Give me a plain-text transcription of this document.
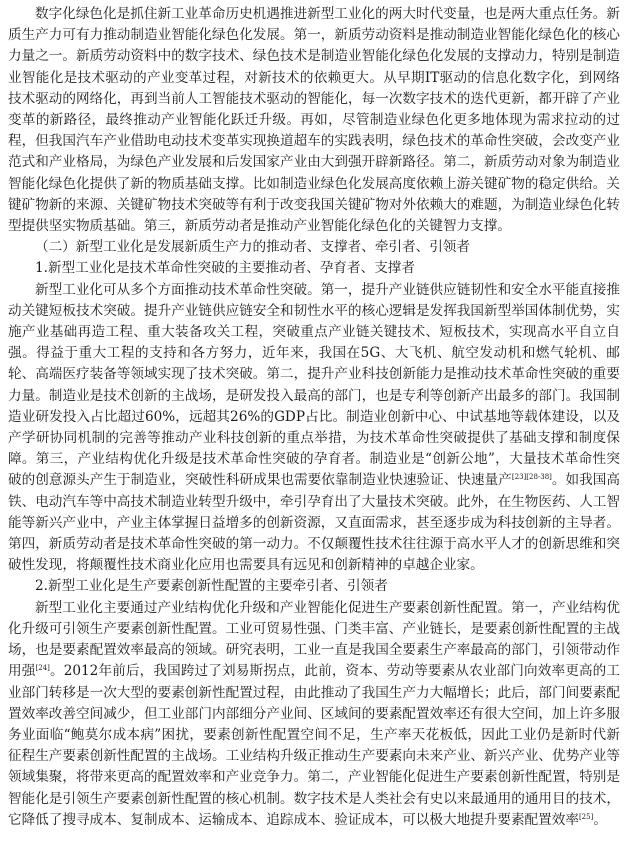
数字化绿色化是抓住新工业革命历史机遇推进新型工业化的两大时代变量，也是两大重点任务。新质生产力可有力推动制造业智能化绿色化发展。第一，新质劳动资料是推动制造业智能化绿色化的核心力量之一。新质劳动资料中的数字技术、绿色技术是制造业智能化绿色化发展的支撑动力，特别是制造业智能化是技术驱动的产业变革过程，对新技术的依赖更大。从早期IT驱动的信息化数字化，到网络技术驱动的网络化，再到当前人工智能技术驱动的智能化，每一次数字技术的迭代更新，都开辟了产业变革的新路径，最终推动产业智能化跃迁升级。再如，尽管制造业绿色化更多地体现为需求拉动的过程，但我国汽车产业借助电动技术变革实现换道超车的实践表明，绿色技术的革命性突破，会改变产业范式和产业格局，为绿色产业发展和后发国家产业由大到强开辟新路径。第二，新质劳动对象为制造业智能化绿色化提供了新的物质基础支撑。比如制造业绿色化发展高度依赖上游关键矿物的稳定供给。关键矿物新的来源、关键矿物技术突破等有利于改变我国关键矿物对外依赖大的难题，为制造业绿色化转型提供坚实物质基础。第三，新质劳动者是推动产业智能化绿色化的关键智力支撑。

（二）新型工业化是发展新质生产力的推动者、支撑者、牵引者、引领者

1.新型工业化是技术革命性突破的主要推动者、孕育者、支撑者

新型工业化可从多个方面推动技术革命性突破。第一，提升产业链供应链韧性和安全水平能直接推动关键短板技术突破。提升产业链供应链安全和韧性水平的核心逻辑是发挥我国新型举国体制优势，实施产业基础再造工程、重大装备攻关工程，突破重点产业链关键技术、短板技术，实现高水平自立自强。得益于重大工程的支持和各方努力，近年来，我国在5G、大飞机、航空发动机和燃气轮机、邮轮、高端医疗装备等领域实现了技术突破。第二，提升产业科技创新能力是推动技术革命性突破的重要力量。制造业是技术创新的主战场，是研发投入最高的部门，也是专利等创新产出最多的部门。我国制造业研发投入占比超过60%，远超其26%的GDP占比。制造业创新中心、中试基地等载体建设，以及产学研协同机制的完善等推动产业科技创新的重点举措，为技术革命性突破提供了基础支撑和制度保障。第三，产业结构优化升级是技术革命性突破的孕育者。制造业是“创新公地”，大量技术革命性突破的创意源头产生于制造业，突破性科研成果也需要依靠制造业快速验证、快速量产[23][28-38]。如我国高铁、电动汽车等中高技术制造业转型升级中，牵引孕育出了大量技术突破。此外，在生物医药、人工智能等新兴产业中，产业主体掌握日益增多的创新资源，又直面需求，甚至逐步成为科技创新的主导者。第四，新质劳动者是技术革命性突破的第一动力。不仅颠覆性技术往往源于高水平人才的创新思维和突破性发现，将颠覆性技术商业化应用也需要具有远见和创新精神的卓越企业家。

2.新型工业化是生产要素创新性配置的主要牵引者、引领者

新型工业化主要通过产业结构优化升级和产业智能化促进生产要素创新性配置。第一，产业结构优化升级可引领生产要素创新性配置。工业可贸易性强、门类丰富、产业链长，是要素创新性配置的主战场，也是要素配置效率最高的领域。研究表明，工业一直是我国全要素生产率最高的部门，引领带动作用强[24]。2012年前后，我国跨过了刘易斯拐点，此前，资本、劳动等要素从农业部门向效率更高的工业部门转移是一次大型的要素创新性配置过程，由此推动了我国生产力大幅增长；此后，部门间要素配置效率改善空间减少，但工业部门内部细分产业间、区域间的要素配置效率还有很大空间，加上许多服务业面临“鲍莫尔成本病”困扰，要素创新性配置空间不足，生产率天花板低，因此工业仍是新时代新征程生产要素创新性配置的主战场。工业结构升级正推动生产要素向未来产业、新兴产业、优势产业等领域集聚，将带来更高的配置效率和产业竞争力。第二，产业智能化促进生产要素创新性配置，特别是智能化是引领生产要素创新性配置的核心机制。数字技术是人类社会有史以来最通用的通用目的技术，它降低了搜寻成本、复制成本、运输成本、追踪成本、验证成本，可以极大地提升要素配置效率[25]。
